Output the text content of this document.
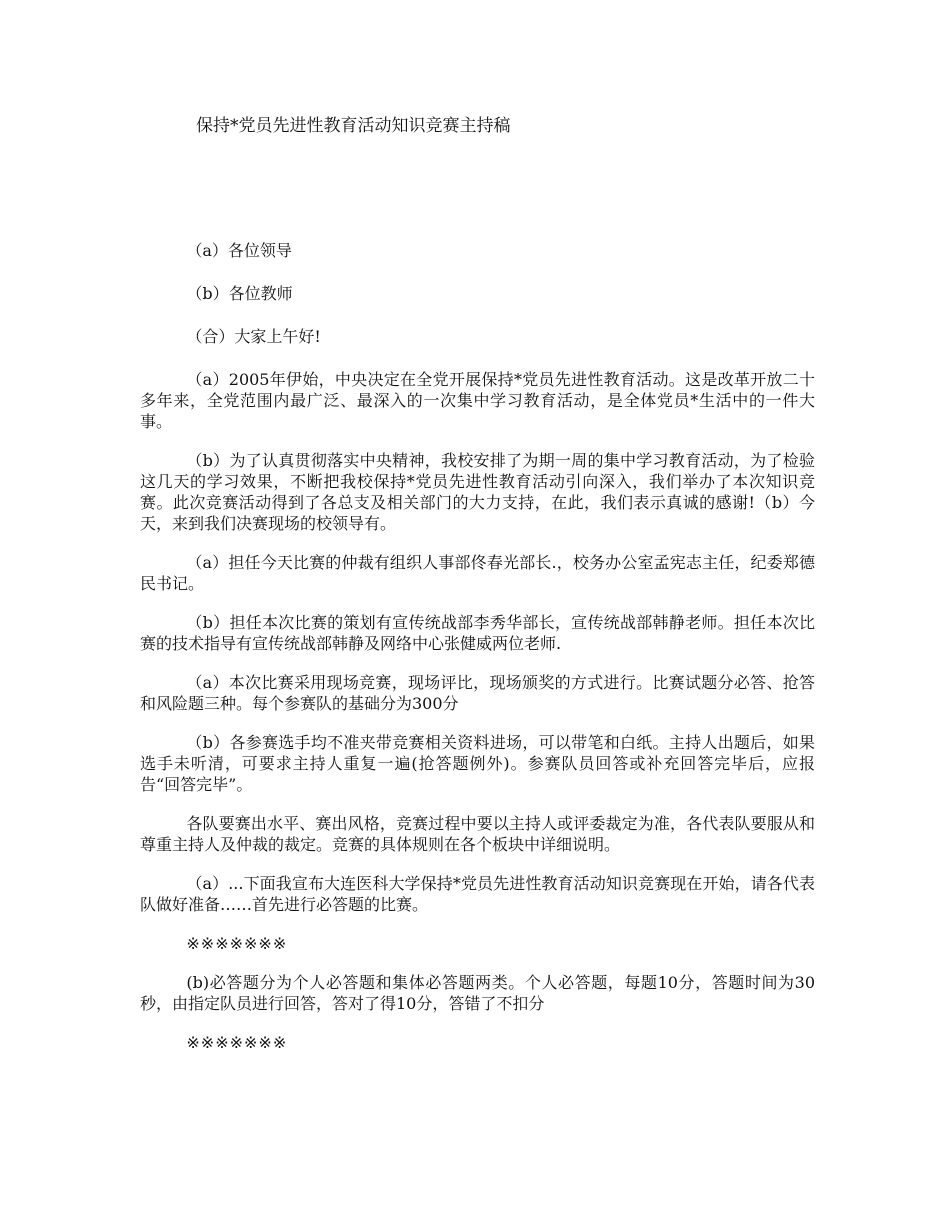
保持*党员先进性教育活动知识竞赛主持稿

（a）各位领导

（b）各位教师

（合）大家上午好!

（a）2005年伊始，中央决定在全党开展保持*党员先进性教育活动。这是改革开放二十多年来，全党范围内最广泛、最深入的一次集中学习教育活动，是全体党员*生活中的一件大事。

（b）为了认真贯彻落实中央精神，我校安排了为期一周的集中学习教育活动，为了检验这几天的学习效果，不断把我校保持*党员先进性教育活动引向深入，我们举办了本次知识竞赛。此次竞赛活动得到了各总支及相关部门的大力支持，在此，我们表示真诚的感谢!（b）今天，来到我们决赛现场的校领导有。

（a）担任今天比赛的仲裁有组织人事部佟春光部长.，校务办公室孟宪志主任，纪委郑德民书记。

（b）担任本次比赛的策划有宣传统战部李秀华部长，宣传统战部韩静老师。担任本次比赛的技术指导有宣传统战部韩静及网络中心张健威两位老师.

（a）本次比赛采用现场竞赛，现场评比，现场颁奖的方式进行。比赛试题分必答、抢答和风险题三种。每个参赛队的基础分为300分

（b）各参赛选手均不准夹带竞赛相关资料进场，可以带笔和白纸。主持人出题后，如果选手未听清，可要求主持人重复一遍(抢答题例外)。参赛队员回答或补充回答完毕后，应报告“回答完毕”。

各队要赛出水平、赛出风格，竞赛过程中要以主持人或评委裁定为准，各代表队要服从和尊重主持人及仲裁的裁定。竞赛的具体规则在各个板块中详细说明。

（a）...下面我宣布大连医科大学保持*党员先进性教育活动知识竞赛现在开始，请各代表队做好准备……首先进行必答题的比赛。

※※※※※※※

(b)必答题分为个人必答题和集体必答题两类。个人必答题，每题10分，答题时间为30秒，由指定队员进行回答，答对了得10分，答错了不扣分

※※※※※※※
